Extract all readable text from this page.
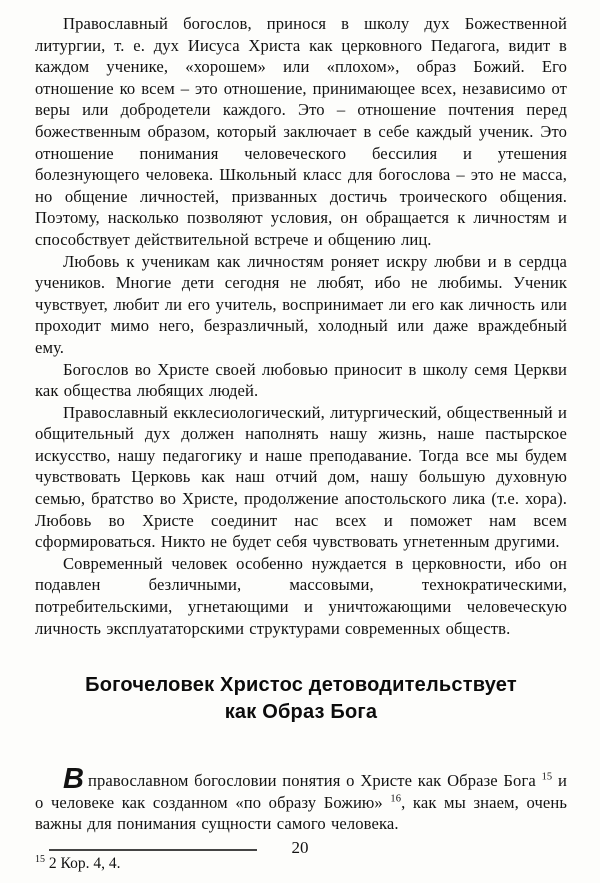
Православный богослов, принося в школу дух Божественной литургии, т. е. дух Иисуса Христа как церковного Педагога, видит в каждом ученике, «хорошем» или «плохом», образ Божий. Его отношение ко всем – это отношение, принимающее всех, независимо от веры или добродетели каждого. Это – отношение почтения перед божественным образом, который заключает в себе каждый ученик. Это отношение понимания человеческого бессилия и утешения болезнующего человека. Школьный класс для богослова – это не масса, но общение личностей, призванных достичь троического общения. Поэтому, насколько позволяют условия, он обращается к личностям и способствует действительной встрече и общению лиц.

Любовь к ученикам как личностям роняет искру любви и в сердца учеников. Многие дети сегодня не любят, ибо не любимы. Ученик чувствует, любит ли его учитель, воспринимает ли его как личность или проходит мимо него, безразличный, холодный или даже враждебный ему.

Богослов во Христе своей любовью приносит в школу семя Церкви как общества любящих людей.

Православный екклесиологический, литургический, общественный и общительный дух должен наполнять нашу жизнь, наше пастырское искусство, нашу педагогику и наше преподавание. Тогда все мы будем чувствовать Церковь как наш отчий дом, нашу большую духовную семью, братство во Христе, продолжение апостольского лика (т.е. хора). Любовь во Христе соединит нас всех и поможет нам всем сформироваться. Никто не будет себя чувствовать угнетенным другими.

Современный человек особенно нуждается в церковности, ибо он подавлен безличными, массовыми, технократическими, потребительскими, угнетающими и уничтожающими человеческую личность эксплуататорскими структурами современных обществ.

Богочеловек Христос детоводительствует
как Образ Бога

Вправославном богословии понятия о Христе как Образе Бога $^{15}$ и о человеке как созданном «по образу Божию» $^{16}$, как мы знаем, очень важны для понимания сущности самого человека.

$^{15}$ 2 Кор. 4, 4.

20
